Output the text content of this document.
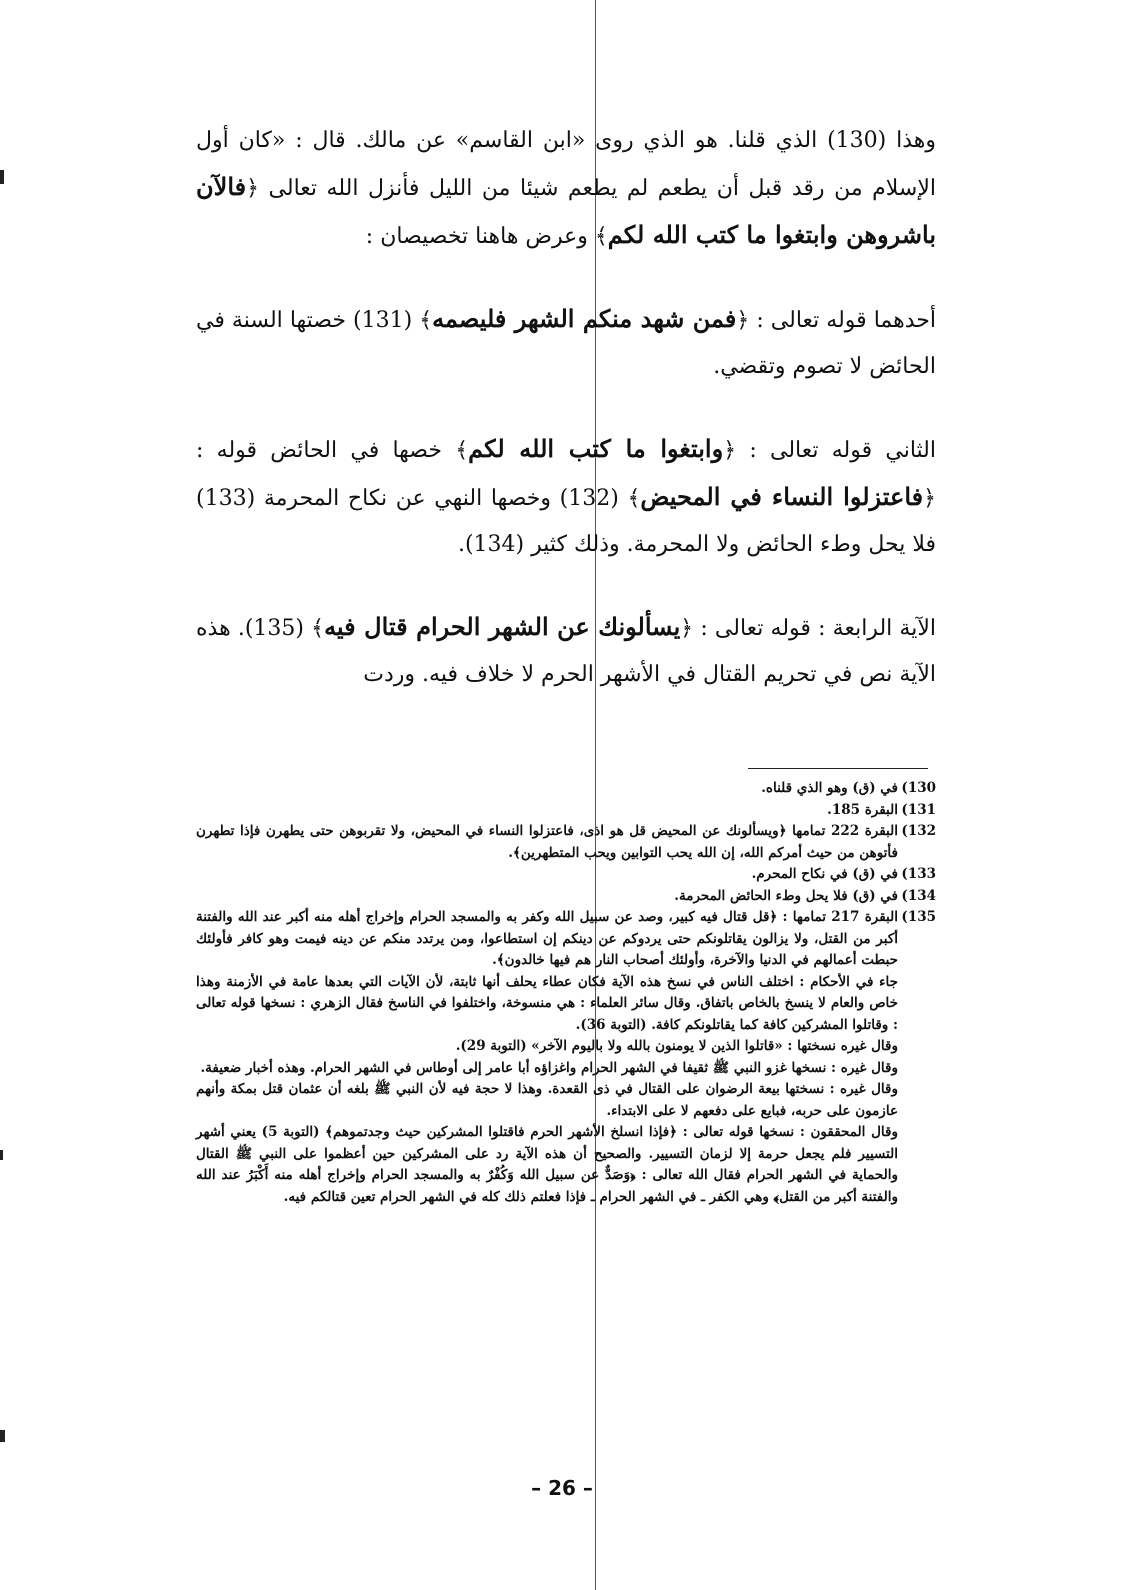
وهذا (130) الذي قلنا. هو الذي روى «ابن القاسم» عن مالك. قال : «كان أول الإسلام من رقد قبل أن يطعم لم يطعم شيئا من الليل فأنزل الله تعالى ﴿فالآن باشروهن وابتغوا ما كتب الله لكم﴾ وعرض هاهنا تخصيصان :

أحدهما قوله تعالى : ﴿فمن شهد منكم الشهر فليصمه﴾ (131) خصتها السنة في الحائض لا تصوم وتقضي.

الثاني قوله تعالى : ﴿وابتغوا ما كتب الله لكم﴾ خصها في الحائض قوله : ﴿فاعتزلوا النساء في المحيض﴾ (132) وخصها النهي عن نكاح المحرمة (133) فلا يحل وطء الحائض ولا المحرمة. وذلك كثير (134).

الآية الرابعة : قوله تعالى : ﴿يسألونك عن الشهر الحرام قتال فيه﴾ (135). هذه الآية نص في تحريم القتال في الأشهر الحرم لا خلاف فيه. وردت

130)
في (ق) وهو الذي قلناه.
131)
البقرة 185.
132)
البقرة 222 تمامها ﴿ويسألونك عن المحيض قل هو اذى، فاعتزلوا النساء في المحيض، ولا تقربوهن حتى يطهرن فإذا تطهرن فأتوهن من حيث أمركم الله، إن الله يحب التوابين ويحب المتطهرين﴾.
133)
في (ق) في نكاح المحرم.
134)
في (ق) فلا يحل وطء الحائض المحرمة.
135)
البقرة 217 تمامها : ﴿قل قتال فيه كبير، وصد عن سبيل الله وكفر به والمسجد الحرام وإخراج أهله منه أكبر عند الله والفتنة أكبر من القتل، ولا يزالون يقاتلونكم حتى يردوكم عن دينكم إن استطاعوا، ومن يرتدد منكم عن دينه فيمت وهو كافر فأولئك حبطت أعمالهم في الدنيا والآخرة، وأولئك أصحاب النار هم فيها خالدون﴾.
جاء في الأحكام : اختلف الناس في نسخ هذه الآية فكان عطاء يحلف أنها ثابتة، لأن الآيات التي بعدها عامة في الأزمنة وهذا خاص والعام لا ينسخ بالخاص باتفاق. وقال سائر العلماء : هي منسوخة، واختلفوا في الناسخ فقال الزهري : نسخها قوله تعالى : وقاتلوا المشركين كافة كما يقاتلونكم كافة. (التوبة 36).
وقال غيره نسختها : «قاتلوا الذين لا يومنون بالله ولا باليوم الآخر» (التوبة 29).
وقال غيره : نسخها غزو النبي ﷺ ثقيفا في الشهر الحرام واغزاؤه أبا عامر إلى أوطاس في الشهر الحرام. وهذه أخبار ضعيفة.
وقال غيره : نسختها بيعة الرضوان على القتال في ذى القعدة. وهذا لا حجة فيه لأن النبي ﷺ بلغه أن عثمان قتل بمكة وأنهم عازمون على حربه، فبايع على دفعهم لا على الابتداء.
وقال المحققون : نسخها قوله تعالى : ﴿فإذا انسلخ الأشهر الحرم فاقتلوا المشركين حيث وجدتموهم﴾ (التوبة 5) يعني أشهر التسيير فلم يجعل حرمة إلا لزمان التسيير. والصحيح أن هذه الآية رد على المشركين حين أعظموا على النبي ﷺ القتال والحماية في الشهر الحرام فقال الله تعالى : ﴿وَصَدٌّ عن سبيل الله وَكُفْرٌ به والمسجد الحرام وإخراج أهله منه أَكْبَرُ عند الله والفتنة أكبر من القتل﴾ وهي الكفر ـ في الشهر الحرام ـ فإذا فعلتم ذلك كله في الشهر الحرام تعين قتالكم فيه.
– 26 –
